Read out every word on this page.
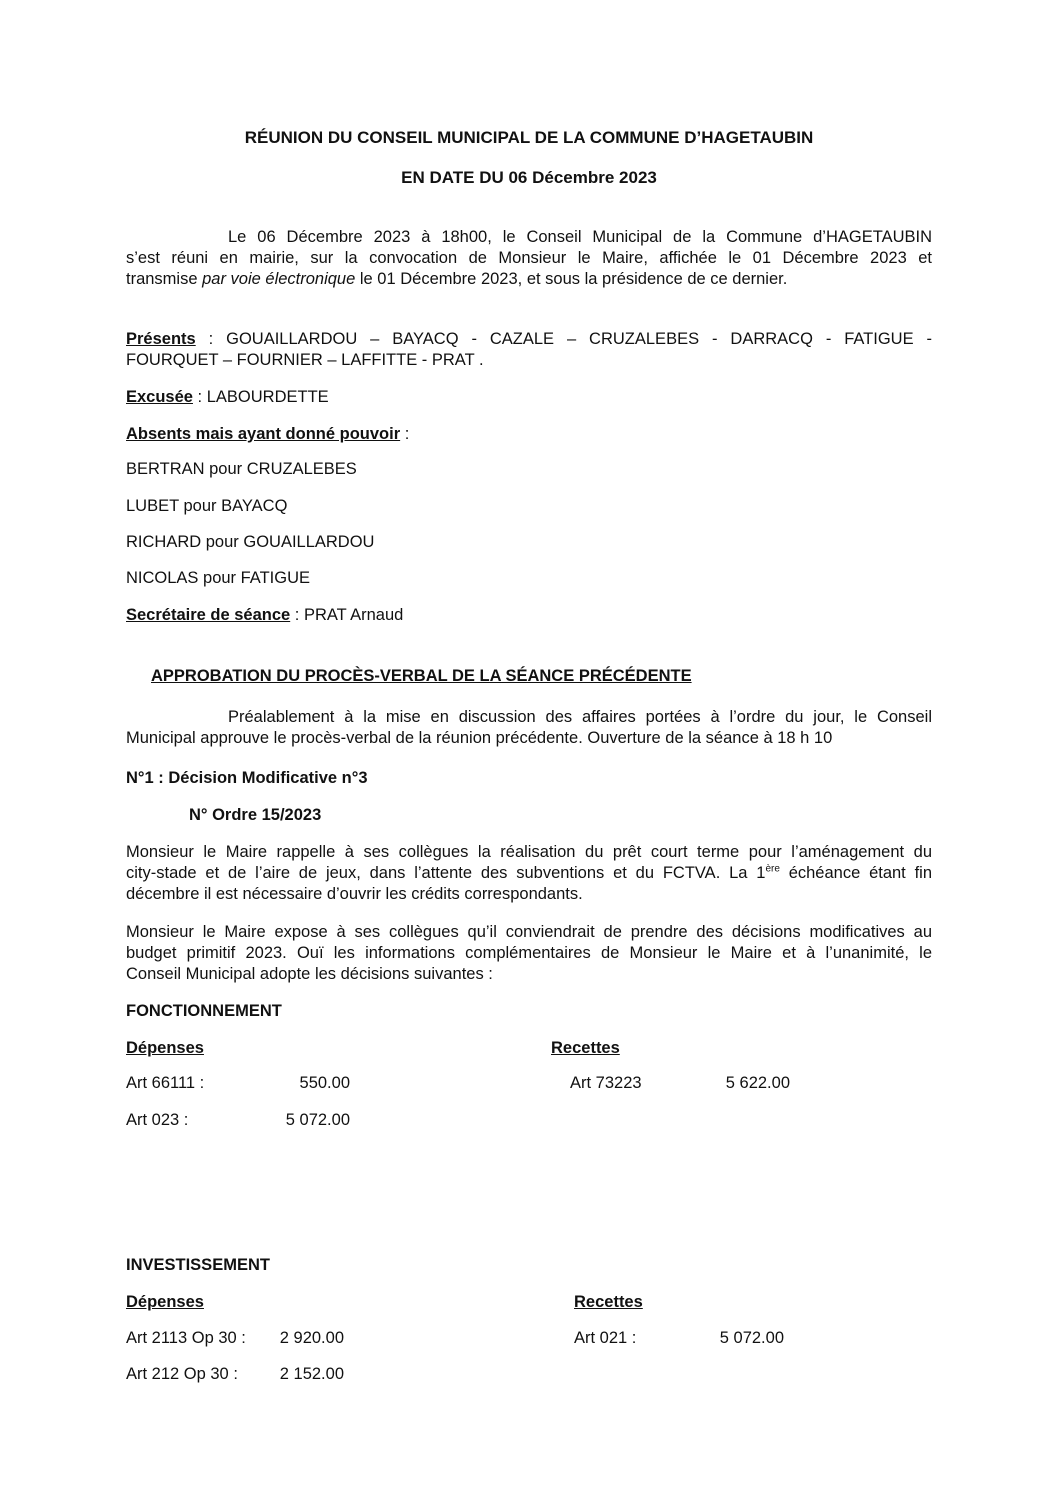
RÉUNION DU CONSEIL MUNICIPAL DE LA COMMUNE D’HAGETAUBIN
EN DATE DU 06 Décembre 2023
Le 06 Décembre 2023 à 18h00, le Conseil Municipal de la Commune d’HAGETAUBIN
s’est réuni en mairie, sur la convocation de Monsieur le Maire, affichée le 01 Décembre 2023 et
transmise par voie électronique le 01 Décembre 2023, et sous la présidence de ce dernier.
Présents : GOUAILLARDOU – BAYACQ - CAZALE – CRUZALEBES - DARRACQ - FATIGUE -
FOURQUET – FOURNIER – LAFFITTE - PRAT .
Excusée : LABOURDETTE
Absents mais ayant donné pouvoir :
BERTRAN pour CRUZALEBES
LUBET pour BAYACQ
RICHARD pour GOUAILLARDOU
NICOLAS pour FATIGUE
Secrétaire de séance : PRAT Arnaud
APPROBATION DU PROCÈS-VERBAL DE LA SÉANCE PRÉCÉDENTE
Préalablement à la mise en discussion des affaires portées à l’ordre du jour, le Conseil
Municipal approuve le procès-verbal de la réunion précédente. Ouverture de la séance à 18 h 10
N°1 : Décision Modificative n°3
N° Ordre 15/2023
Monsieur le Maire rappelle à ses collègues la réalisation du prêt court terme pour l’aménagement du
city-stade et de l’aire de jeux, dans l’attente des subventions et du FCTVA. La 1ère échéance étant fin
décembre il est nécessaire d’ouvrir les crédits correspondants.
Monsieur le Maire expose à ses collègues qu’il conviendrait de prendre des décisions modificatives au
budget primitif 2023. Ouï les informations complémentaires de Monsieur le Maire et à l’unanimité, le
Conseil Municipal adopte les décisions suivantes :
FONCTIONNEMENT
Dépenses	Recettes
Art 66111 :	550.00	Art 73223	5 622.00
Art 023 :	5 072.00
INVESTISSEMENT
Dépenses	Recettes
Art 2113 Op 30 :	2 920.00	Art 021 :	5 072.00
Art 212 Op 30 :	2 152.00
